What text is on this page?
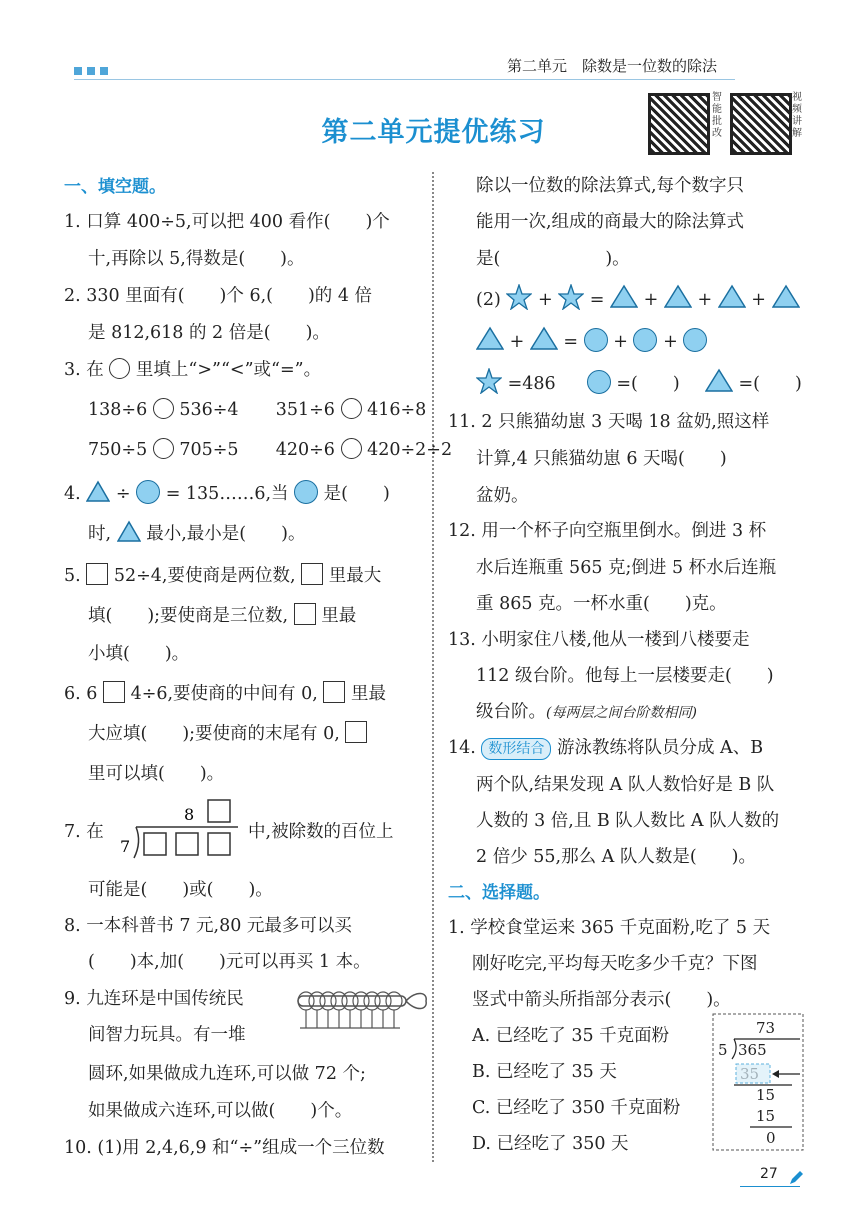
第二单元　除数是一位数的除法
第二单元提优练习
智能批改
视频讲解
一、填空题。
1. 口算 400÷5,可以把 400 看作(　　)个
十,再除以 5,得数是(　　)。
2. 330 里面有(　　)个 6,(　　)的 4 倍
是 812,618 的 2 倍是(　　)。
3. 在 里填上“>”“<”或“=”。
138÷6 536÷4 351÷6 416÷8
750÷5 705÷5 420÷6 420÷2÷2
4. ÷ = 135……6,当 是(　　)
时, 最小,最小是(　　)。
5. 52÷4,要使商是两位数, 里最大
填(　　);要使商是三位数, 里最
小填(　　)。
6. 6 4÷6,要使商的中间有 0, 里最
大应填(　　);要使商的末尾有 0,
里可以填(　　)。
7. 在
8
7
中,被除数的百位上
可能是(　　)或(　　)。
8. 一本科普书 7 元,80 元最多可以买
(　　)本,加(　　)元可以再买 1 本。
9. 九连环是中国传统民
间智力玩具。有一堆
圆环,如果做成九连环,可以做 72 个;
如果做成六连环,可以做(　　)个。
10. (1)用 2,4,6,9 和“÷”组成一个三位数
除以一位数的除法算式,每个数字只
能用一次,组成的商最大的除法算式
是(　　　　　　)。
(2) + = + + +
+ = + +
=486	=(　　)	=(　　)
11. 2 只熊猫幼崽 3 天喝 18 盆奶,照这样
计算,4 只熊猫幼崽 6 天喝(　　)
盆奶。
12. 用一个杯子向空瓶里倒水。倒进 3 杯
水后连瓶重 565 克;倒进 5 杯水后连瓶
重 865 克。一杯水重(　　)克。
13. 小明家住八楼,他从一楼到八楼要走
112 级台阶。他每上一层楼要走(　　)
级台阶。(每两层之间台阶数相同)
14. 数形结合 游泳教练将队员分成 A、B
两个队,结果发现 A 队人数恰好是 B 队
人数的 3 倍,且 B 队人数比 A 队人数的
2 倍少 55,那么 A 队人数是(　　)。
二、选择题。
1. 学校食堂运来 365 千克面粉,吃了 5 天
刚好吃完,平均每天吃多少千克？下图
竖式中箭头所指部分表示(　　)。
A. 已经吃了 35 千克面粉
B. 已经吃了 35 天
C. 已经吃了 350 千克面粉
D. 已经吃了 350 天
73
5 365
15
15
0
27
